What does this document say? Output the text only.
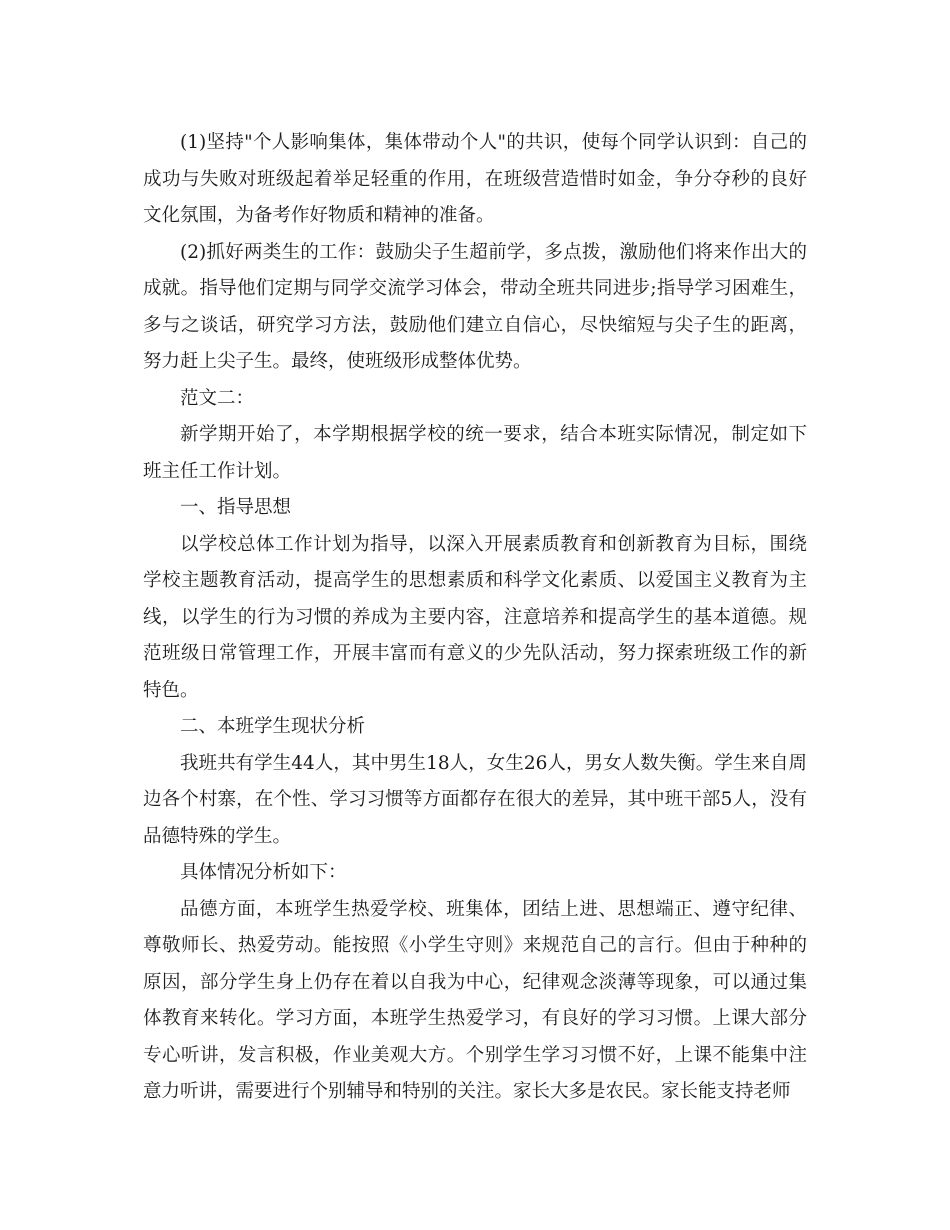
(1)坚持"个人影响集体，集体带动个人"的共识，使每个同学认识到：自己的成功与失败对班级起着举足轻重的作用，在班级营造惜时如金，争分夺秒的良好文化氛围，为备考作好物质和精神的准备。

(2)抓好两类生的工作：鼓励尖子生超前学，多点拨，激励他们将来作出大的成就。指导他们定期与同学交流学习体会，带动全班共同进步;指导学习困难生，多与之谈话，研究学习方法，鼓励他们建立自信心，尽快缩短与尖子生的距离，努力赶上尖子生。最终，使班级形成整体优势。

范文二：

新学期开始了，本学期根据学校的统一要求，结合本班实际情况，制定如下班主任工作计划。

一、指导思想

以学校总体工作计划为指导，以深入开展素质教育和创新教育为目标，围绕学校主题教育活动，提高学生的思想素质和科学文化素质、以爱国主义教育为主线，以学生的行为习惯的养成为主要内容，注意培养和提高学生的基本道德。规范班级日常管理工作，开展丰富而有意义的少先队活动，努力探索班级工作的新特色。

二、本班学生现状分析

我班共有学生44人，其中男生18人，女生26人，男女人数失衡。学生来自周边各个村寨，在个性、学习习惯等方面都存在很大的差异，其中班干部5人，没有品德特殊的学生。

具体情况分析如下：

品德方面，本班学生热爱学校、班集体，团结上进、思想端正、遵守纪律、尊敬师长、热爱劳动。能按照《小学生守则》来规范自己的言行。但由于种种的原因，部分学生身上仍存在着以自我为中心，纪律观念淡薄等现象，可以通过集体教育来转化。学习方面，本班学生热爱学习，有良好的学习习惯。上课大部分专心听讲，发言积极，作业美观大方。个别学生学习习惯不好，上课不能集中注意力听讲，需要进行个别辅导和特别的关注。家长大多是农民。家长能支持老师
